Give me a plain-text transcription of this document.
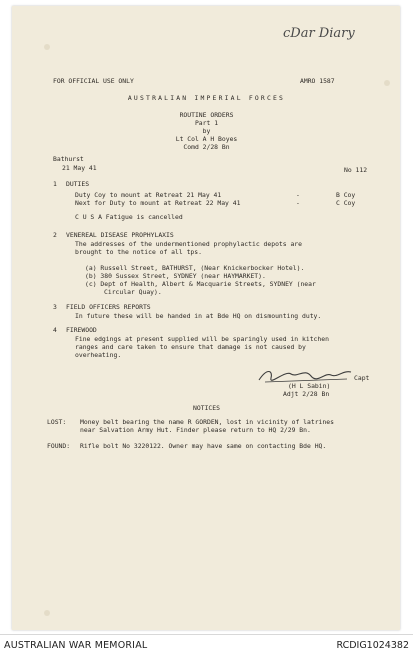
cDar Diary
FOR OFFICIAL USE ONLY	AMRO 1587
AUSTRALIAN IMPERIAL FORCES
ROUTINE ORDERS
Part 1
by
Lt Col A H Boyes
Comd 2/28 Bn
Bathurst
21 May 41	No 112
1 DUTIES
Duty Coy to mount at Retreat 21 May 41	-	B Coy
Next for Duty to mount at Retreat 22 May 41	-	C Coy
C U S A Fatigue is cancelled
2 VENEREAL DISEASE PROPHYLAXIS
The addresses of the undermentioned prophylactic depots are
brought to the notice of all tps.
(a) Russell Street, BATHURST, (Near Knickerbocker Hotel).
(b) 380 Sussex Street, SYDNEY (near HAYMARKET).
(c) Dept of Health, Albert & Macquarie Streets, SYDNEY (near
Circular Quay).
3 FIELD OFFICERS REPORTS
In future these will be handed in at Bde HQ on dismounting duty.
4 FIREWOOD
Fine edgings at present supplied will be sparingly used in kitchen
ranges and care taken to ensure that damage is not caused by
overheating.
Capt
(H L Sabin)
Adjt 2/28 Bn
NOTICES
LOST: Money belt bearing the name R GORDEN, lost in vicinity of latrines
near Salvation Army Hut. Finder please return to HQ 2/29 Bn.
FOUND: Rifle bolt No 3220122. Owner may have same on contacting Bde HQ.
AUSTRALIAN WAR MEMORIAL	RCDIG1024382
